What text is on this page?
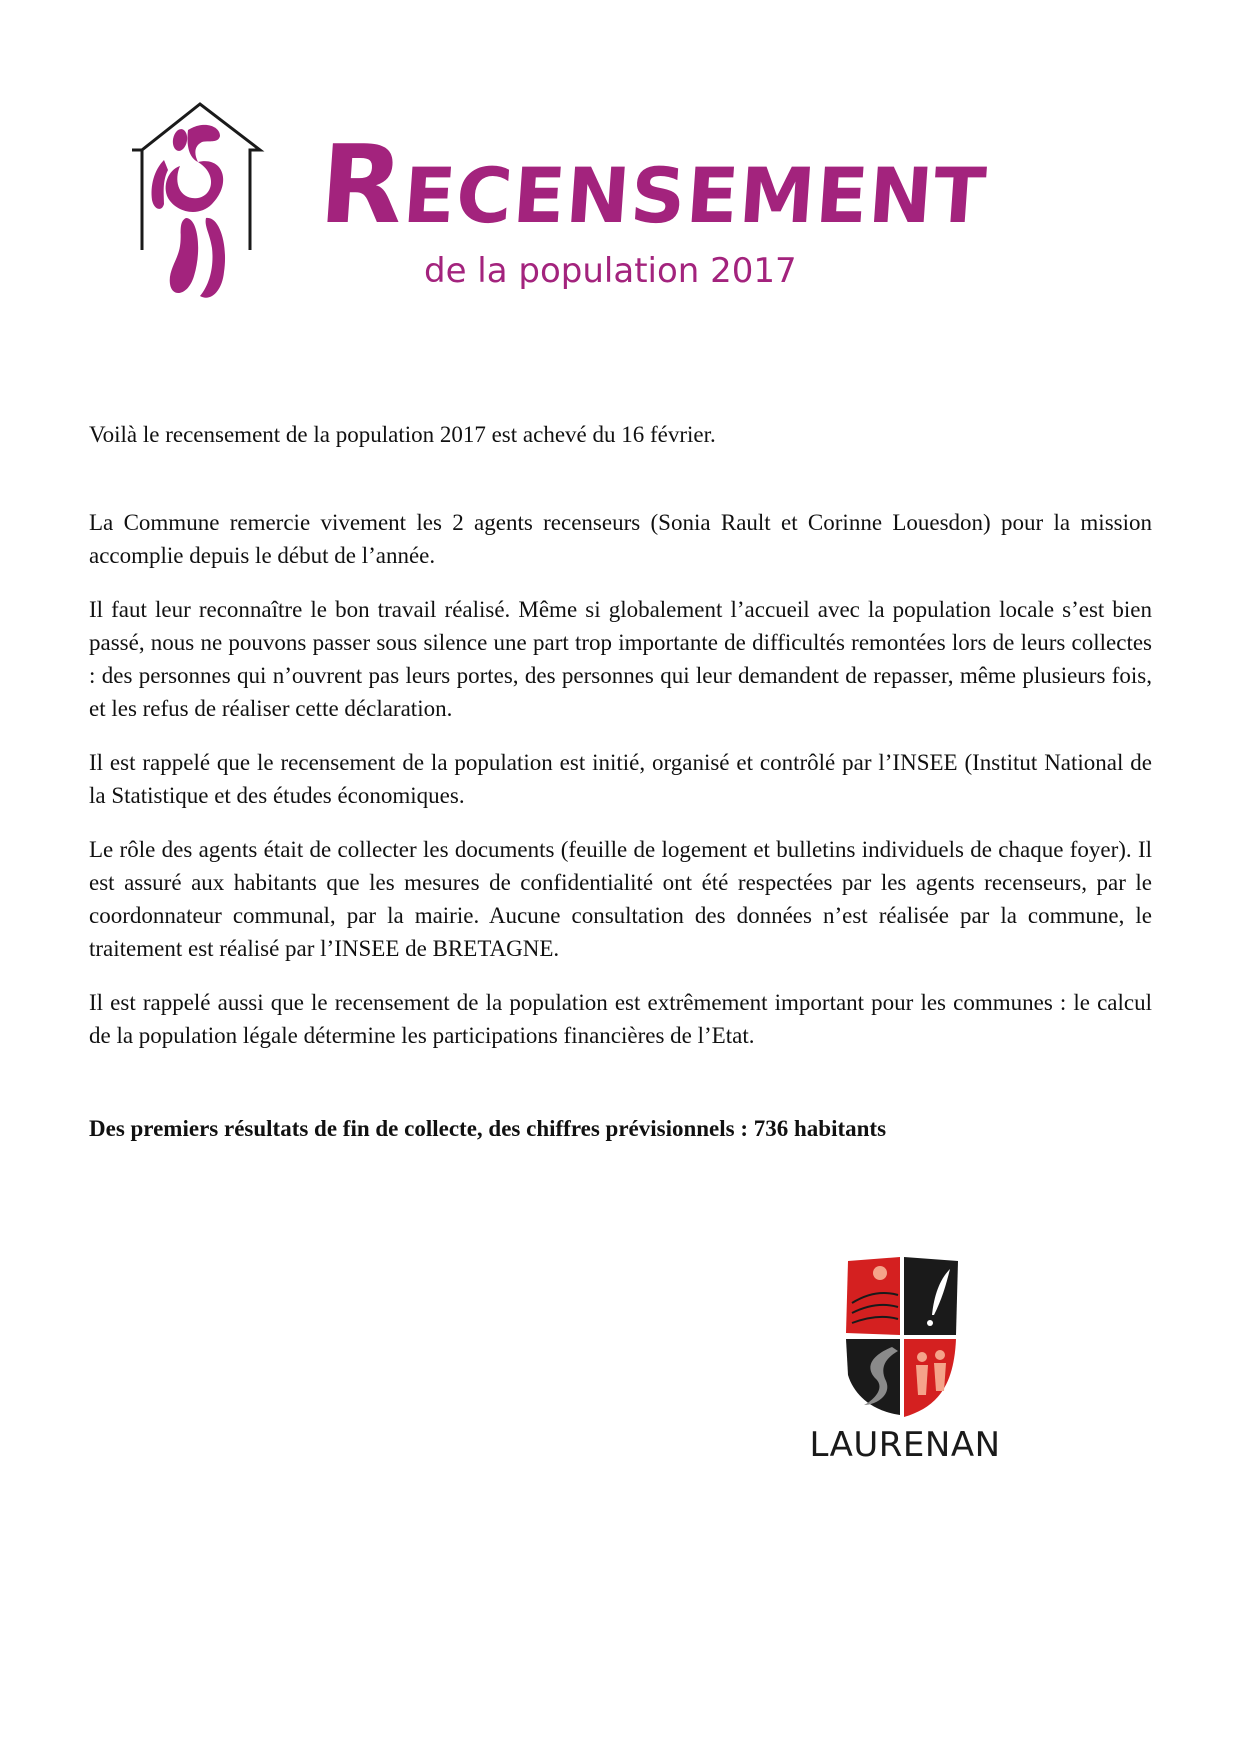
Recensement
de la population 2017

Voilà le recensement de la population 2017 est achevé du 16 février.

La Commune remercie vivement les 2 agents recenseurs (Sonia Rault et Corinne Louesdon) pour la mission accomplie depuis le début de l’année.

Il faut leur reconnaître le bon travail réalisé. Même si globalement l’accueil avec la population locale s’est bien passé, nous ne pouvons passer sous silence une part trop importante de difficultés remontées lors de leurs collectes : des personnes qui n’ouvrent pas leurs portes, des personnes qui leur demandent de repasser, même plusieurs fois, et les refus de réaliser cette déclaration.

Il est rappelé que le recensement de la population est initié, organisé et contrôlé par l’INSEE (Institut National de la Statistique et des études économiques.

Le rôle des agents était de collecter les documents (feuille de logement et bulletins individuels de chaque foyer). Il est assuré aux habitants que les mesures de confidentialité ont été respectées par les agents recenseurs, par le coordonnateur communal, par la mairie. Aucune consultation des données n’est réalisée par la commune, le traitement est réalisé par l’INSEE de BRETAGNE.

Il est rappelé aussi que le recensement de la population est extrêmement important pour les communes : le calcul de la population légale détermine les participations financières de l’Etat.

Des premiers résultats de fin de collecte, des chiffres prévisionnels : 736 habitants

LAURENAN
